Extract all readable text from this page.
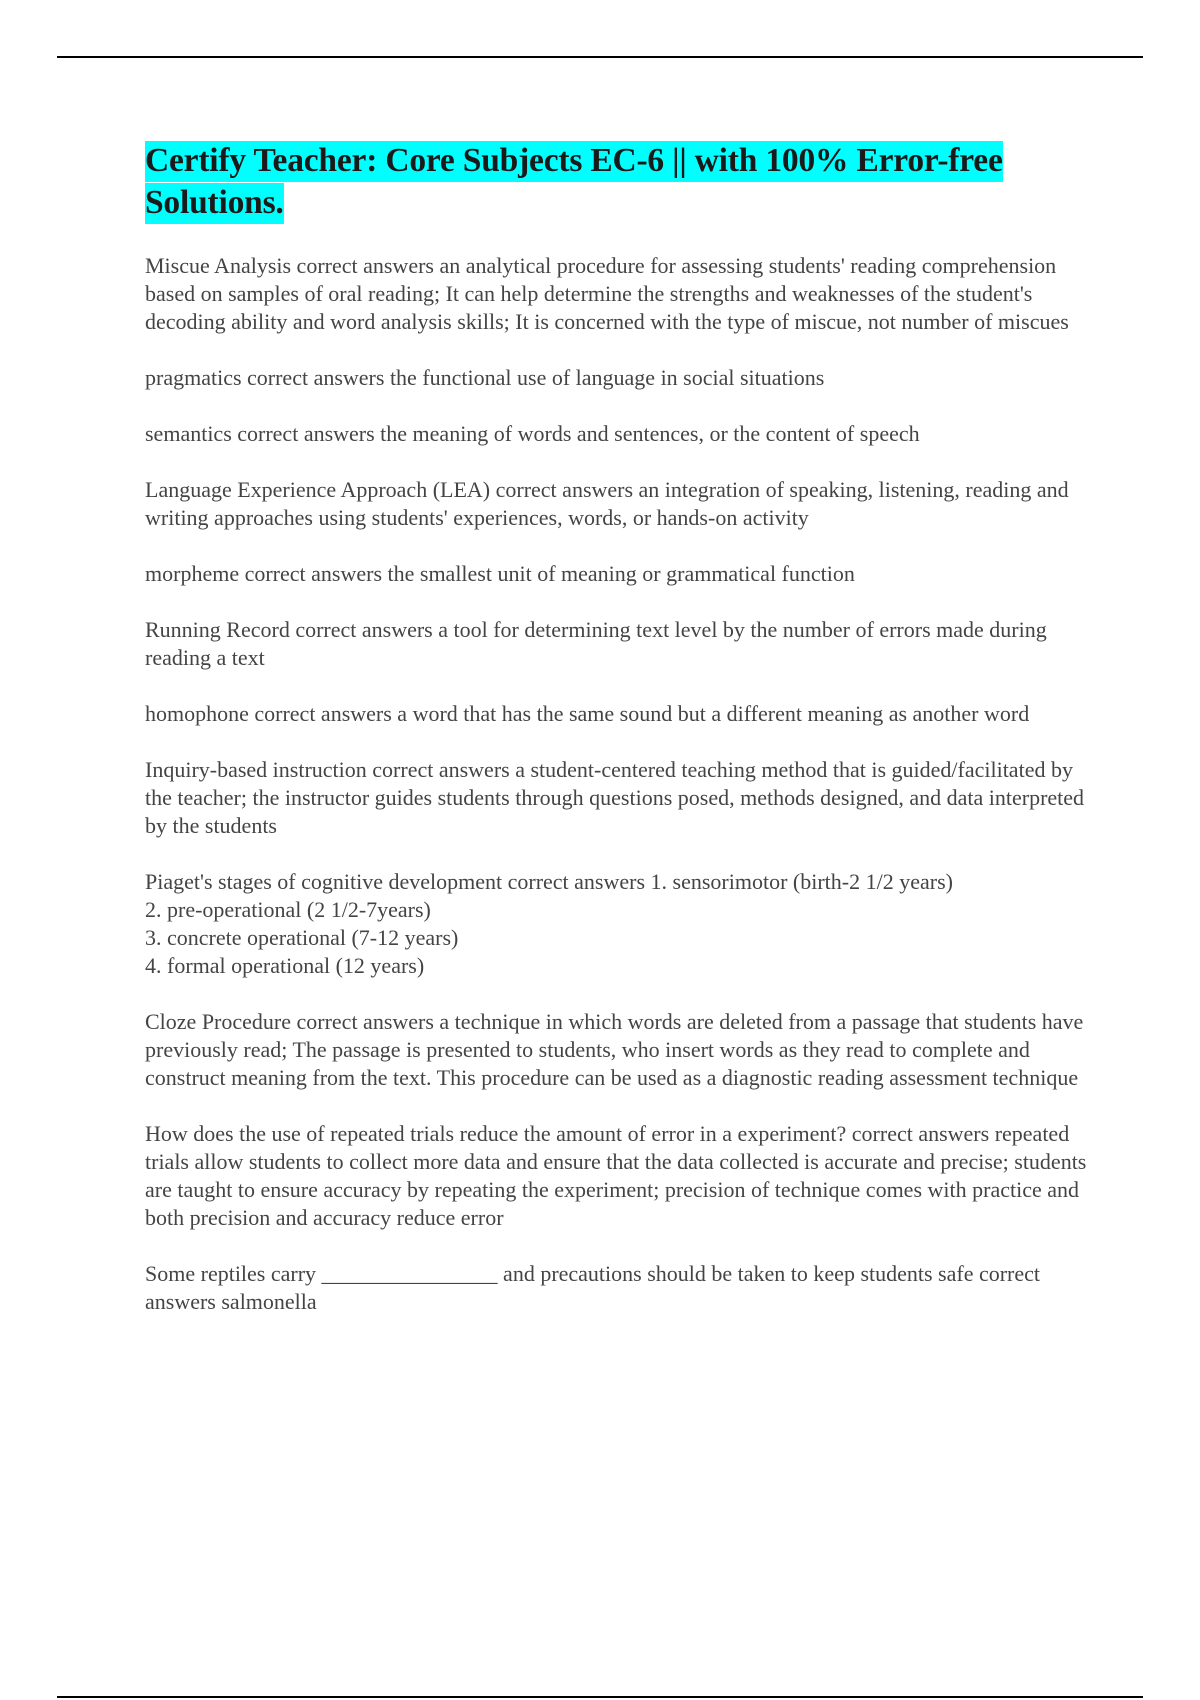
Certify Teacher: Core Subjects EC-6 || with 100% Error-free Solutions.

Miscue Analysis correct answers an analytical procedure for assessing students' reading comprehension based on samples of oral reading; It can help determine the strengths and weaknesses of the student's decoding ability and word analysis skills; It is concerned with the type of miscue, not number of miscues

pragmatics correct answers the functional use of language in social situations

semantics correct answers the meaning of words and sentences, or the content of speech

Language Experience Approach (LEA) correct answers an integration of speaking, listening, reading and writing approaches using students' experiences, words, or hands-on activity

morpheme correct answers the smallest unit of meaning or grammatical function

Running Record correct answers a tool for determining text level by the number of errors made during reading a text

homophone correct answers a word that has the same sound but a different meaning as another word

Inquiry-based instruction correct answers a student-centered teaching method that is guided/facilitated by the teacher; the instructor guides students through questions posed, methods designed, and data interpreted by the students

Piaget's stages of cognitive development correct answers 1. sensorimotor (birth-2 1/2 years)
2. pre-operational (2 1/2-7years)
3. concrete operational (7-12 years)
4. formal operational (12 years)

Cloze Procedure correct answers a technique in which words are deleted from a passage that students have previously read; The passage is presented to students, who insert words as they read to complete and construct meaning from the text. This procedure can be used as a diagnostic reading assessment technique

How does the use of repeated trials reduce the amount of error in a experiment? correct answers repeated trials allow students to collect more data and ensure that the data collected is accurate and precise; students are taught to ensure accuracy by repeating the experiment; precision of technique comes with practice and both precision and accuracy reduce error

Some reptiles carry ________________ and precautions should be taken to keep students safe correct answers salmonella
